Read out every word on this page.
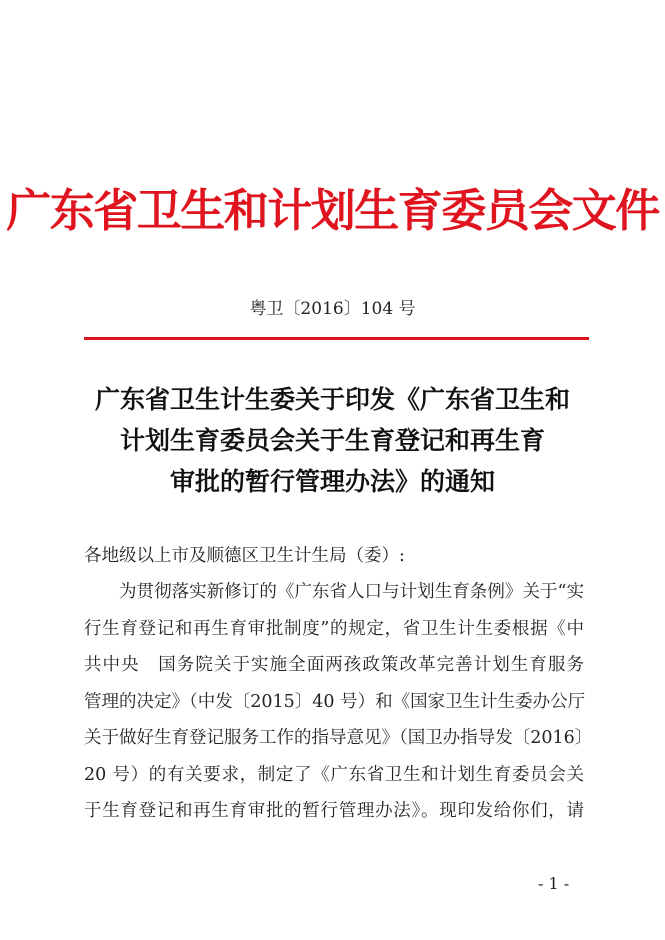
广东省卫生和计划生育委员会文件
粤卫〔2016〕104 号
广东省卫生计生委关于印发《广东省卫生和
计划生育委员会关于生育登记和再生育
审批的暂行管理办法》的通知
各地级以上市及顺德区卫生计生局（委）:
为贯彻落实新修订的《广东省人口与计划生育条例》关于“实
行生育登记和再生育审批制度”的规定，省卫生计生委根据《中
共中央　国务院关于实施全面两孩政策改革完善计划生育服务
管理的决定》（中发〔2015〕40 号）和《国家卫生计生委办公厅
关于做好生育登记服务工作的指导意见》（国卫办指导发〔2016〕
20 号）的有关要求，制定了《广东省卫生和计划生育委员会关
于生育登记和再生育审批的暂行管理办法》。现印发给你们，请
- 1 -
